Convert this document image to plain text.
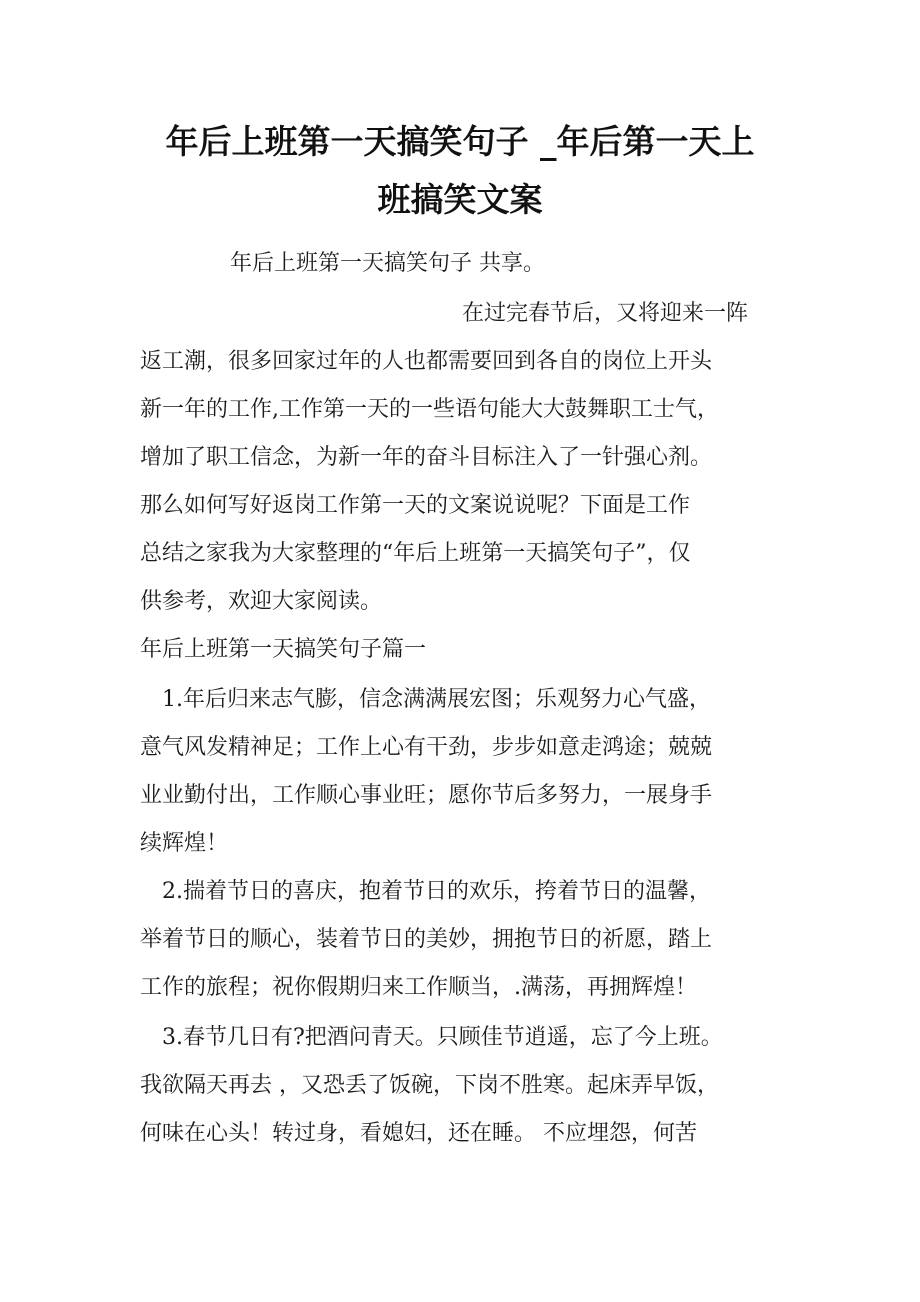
年后上班第一天搞笑句子 _年后第一天上
班搞笑文案

年后上班第一天搞笑句子 共享。

在过完春节后，又将迎来一阵

返工潮，很多回家过年的人也都需要回到各自的岗位上开头

新一年的工作,工作第一天的一些语句能大大鼓舞职工士气，

增加了职工信念，为新一年的奋斗目标注入了一针强心剂。

那么如何写好返岗工作第一天的文案说说呢？下面是工作

总结之家我为大家整理的“年后上班第一天搞笑句子”，仅

供参考，欢迎大家阅读。

年后上班第一天搞笑句子篇一

1.年后归来志气膨，信念满满展宏图；乐观努力心气盛，

意气风发精神足；工作上心有干劲，步步如意走鸿途；兢兢

业业勤付出，工作顺心事业旺；愿你节后多努力，一展身手

续辉煌！

2.揣着节日的喜庆，抱着节日的欢乐，挎着节日的温馨，

举着节日的顺心，装着节日的美妙，拥抱节日的祈愿，踏上

工作的旅程；祝你假期归来工作顺当，.满荡，再拥辉煌！

3.春节几日有?把酒问青天。只顾佳节逍遥，忘了今上班。

我欲隔天再去 ，又恐丢了饭碗，下岗不胜寒。起床弄早饭，

何味在心头！转过身，看媳妇，还在睡。 不应埋怨，何苦
